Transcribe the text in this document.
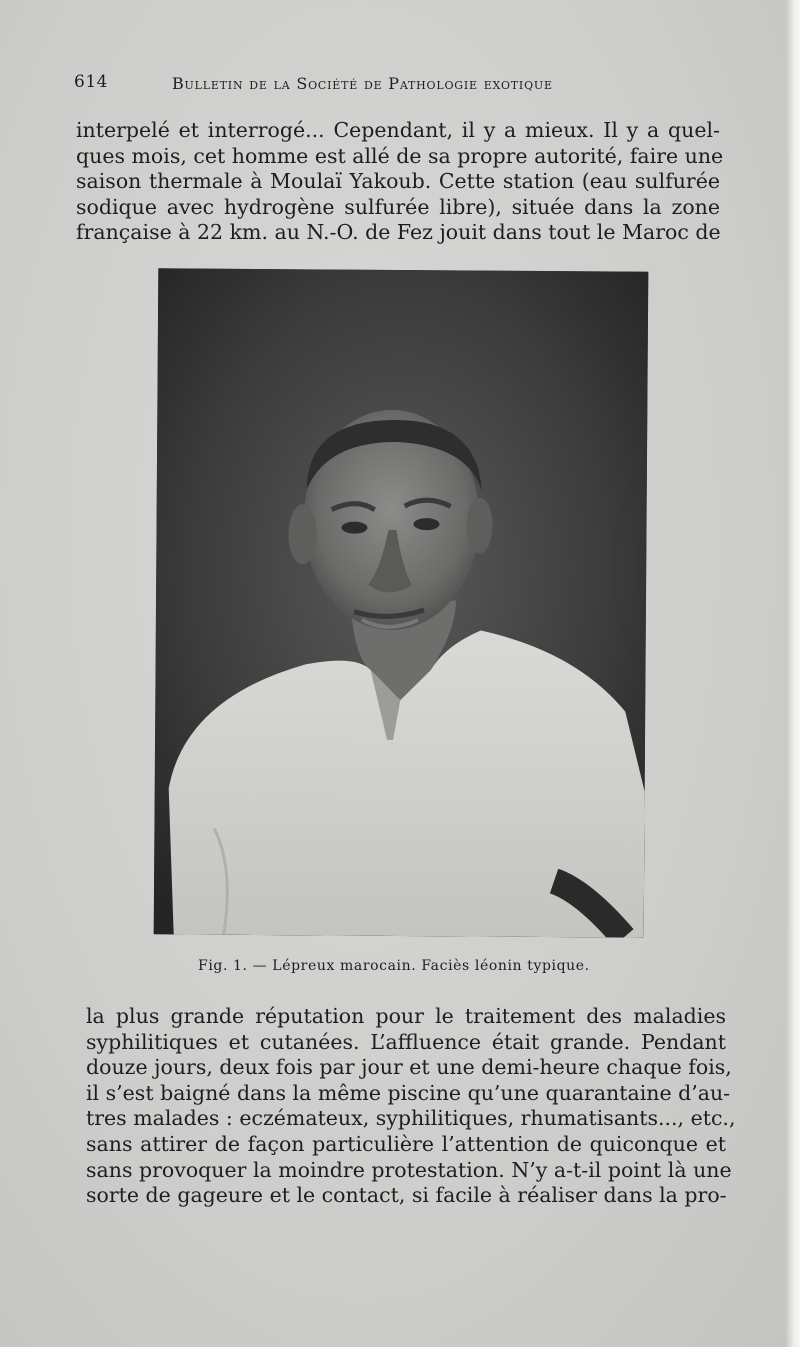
614	Bulletin de la Société de Pathologie exotique
interpelé et interrogé... Cependant, il y a mieux. Il y a quel-
ques mois, cet homme est allé de sa propre autorité, faire une
saison thermale à Moulaï Yakoub. Cette station (eau sulfurée
sodique avec hydrogène sulfurée libre), située dans la zone
française à 22 km. au N.-O. de Fez jouit dans tout le Maroc de
Fig. 1. — Lépreux marocain. Faciès léonin typique.
la plus grande réputation pour le traitement des maladies
syphilitiques et cutanées. L’affluence était grande. Pendant
douze jours, deux fois par jour et une demi-heure chaque fois,
il s’est baigné dans la même piscine qu’une quarantaine d’au-
tres malades : eczémateux, syphilitiques, rhumatisants..., etc.,
sans attirer de façon particulière l’attention de quiconque et
sans provoquer la moindre protestation. N’y a-t-il point là une
sorte de gageure et le contact, si facile à réaliser dans la pro-
